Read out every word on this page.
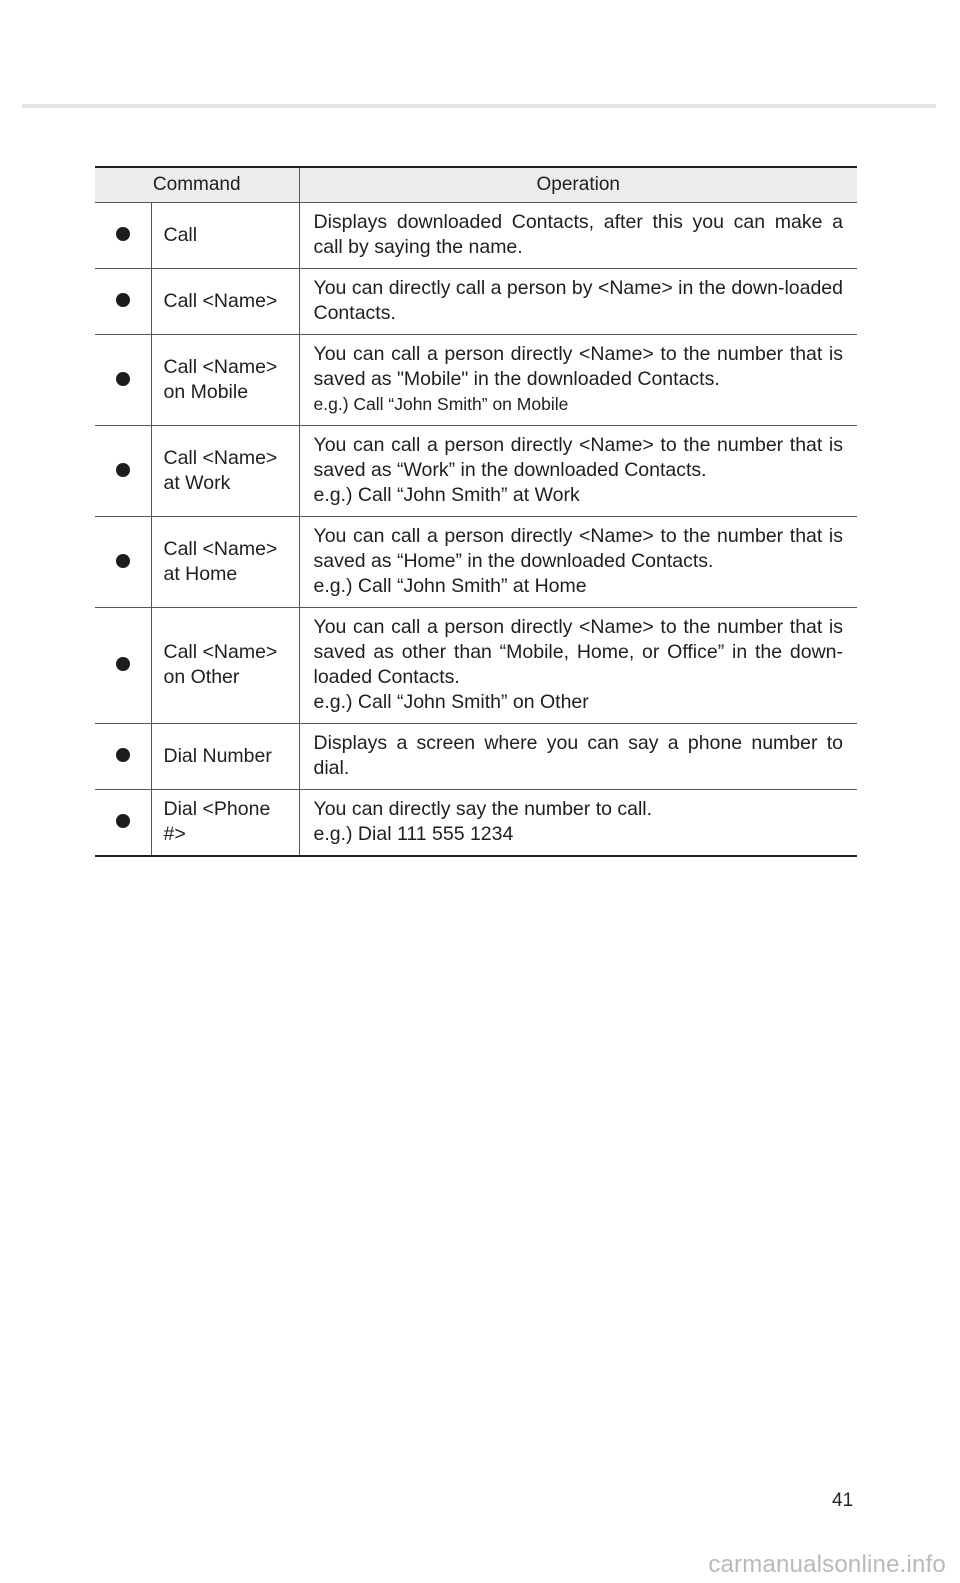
Command		Operation
	Call	Displays downloaded Contacts, after this you can make a call by saying the name.

	Call <Name>	You can directly call a person by <Name> in the down-loaded Contacts.

	Call <Name> on Mobile	You can call a person directly <Name> to the number that is saved as "Mobile" in the downloaded Contacts.
e.g.) Call “John Smith” on Mobile

	Call <Name> at Work	You can call a person directly <Name> to the number that is saved as “Work” in the downloaded Contacts.
e.g.) Call “John Smith” at Work

	Call <Name> at Home	You can call a person directly <Name> to the number that is saved as “Home” in the downloaded Contacts.
e.g.) Call “John Smith” at Home

	Call <Name> on Other	You can call a person directly <Name> to the number that is saved as other than “Mobile, Home, or Office” in the down-loaded Contacts.
e.g.) Call “John Smith” on Other

	Dial Number	Displays a screen where you can say a phone number to dial.

	Dial <Phone #>	You can directly say the number to call.
e.g.) Dial 111 555 1234
41
carmanualsonline.info
